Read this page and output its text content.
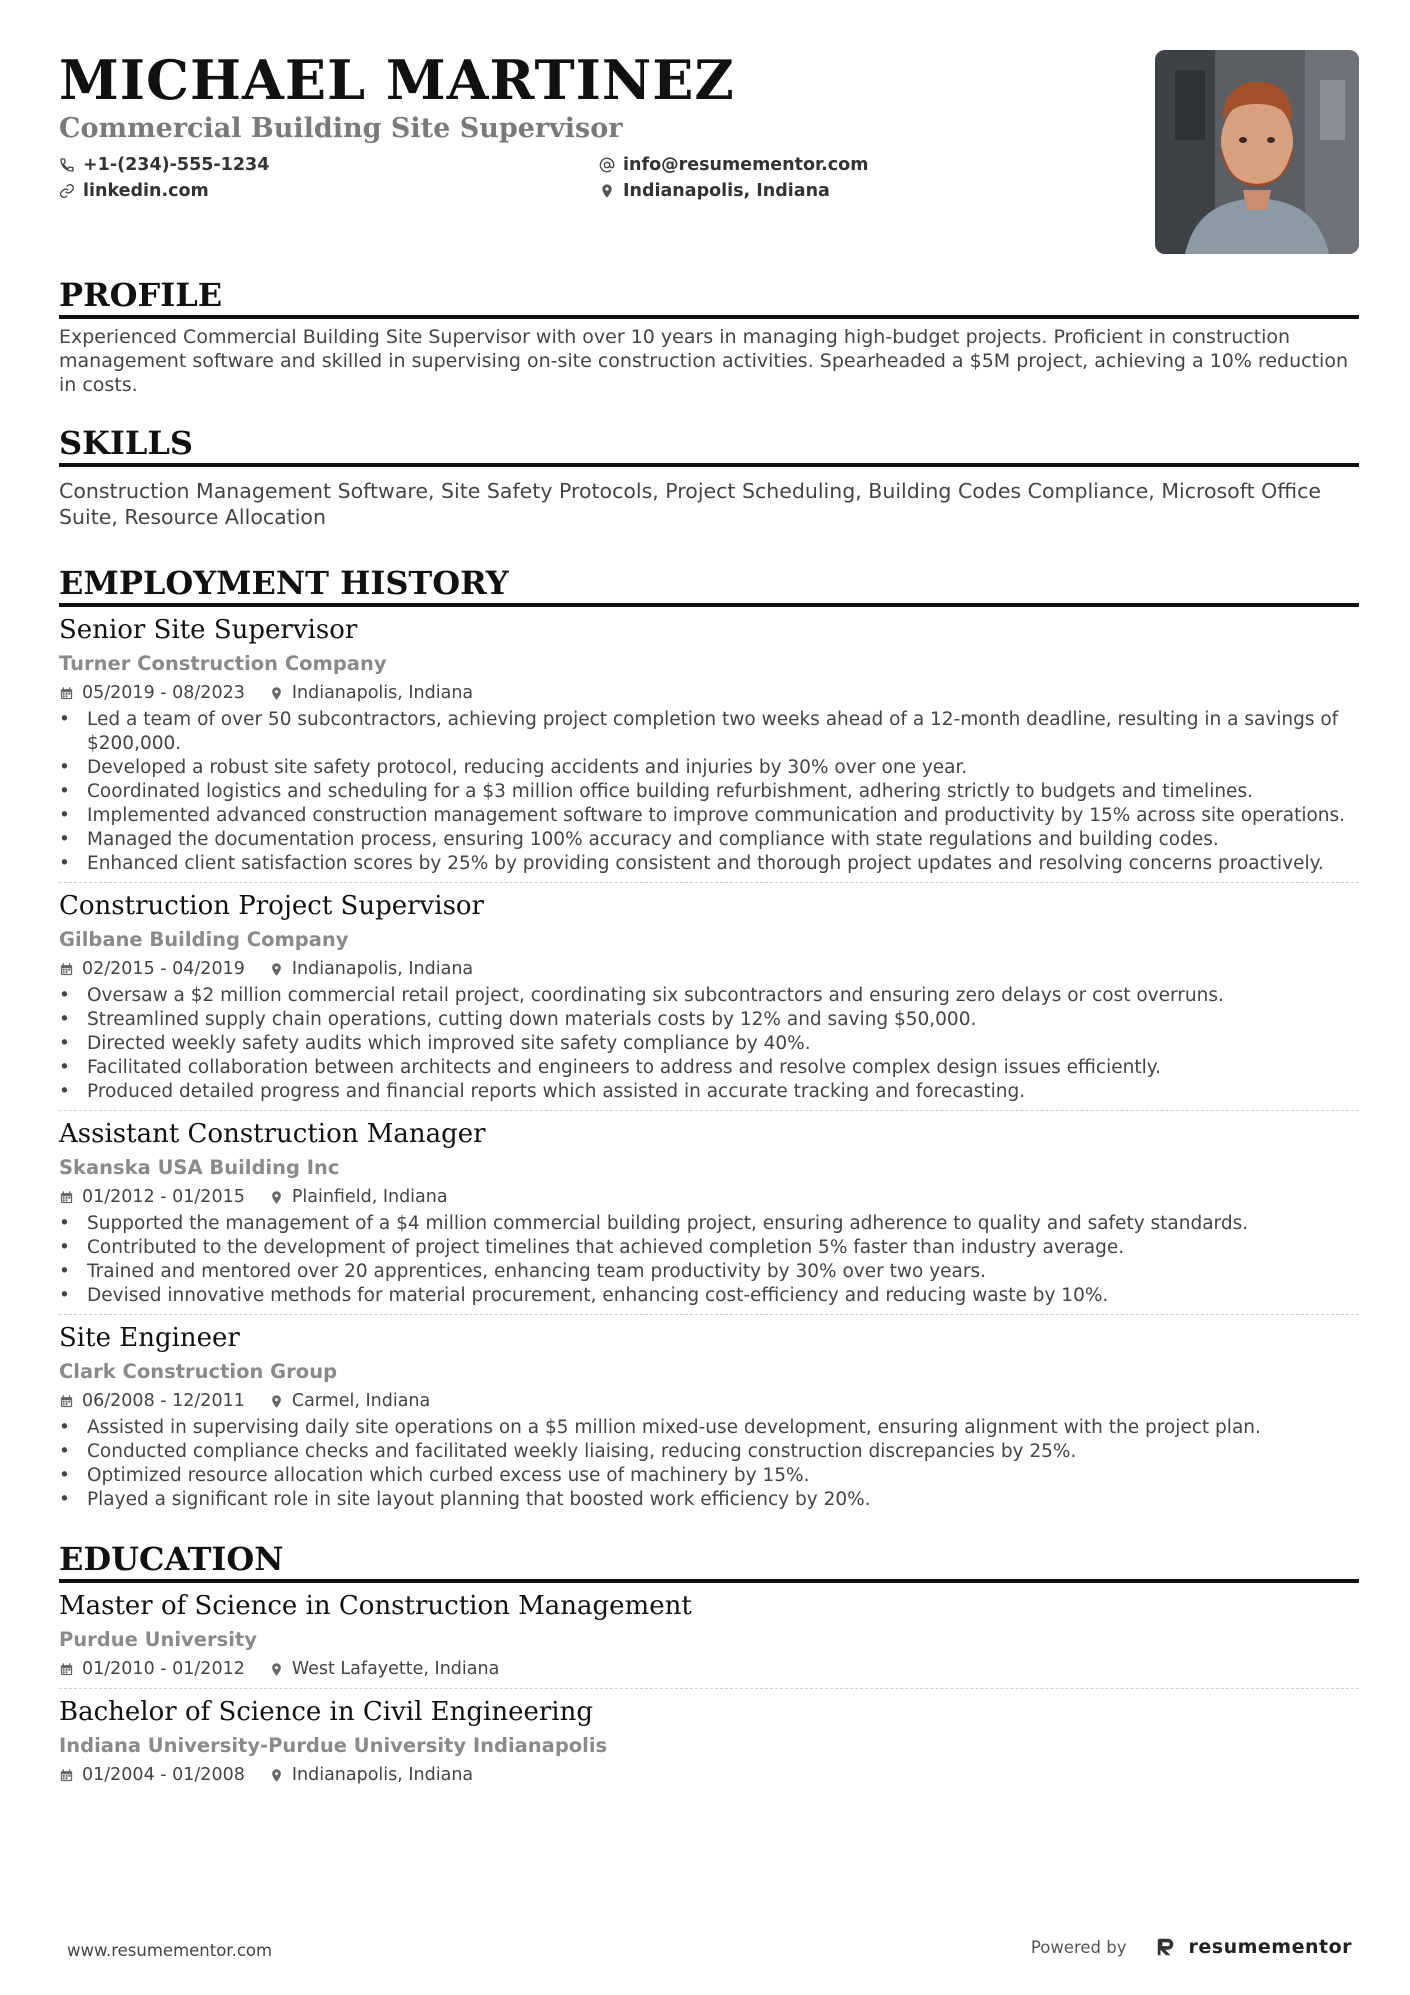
MICHAEL MARTINEZ
Commercial Building Site Supervisor
+1-(234)-555-1234	info@resumementor.com
linkedin.com	Indianapolis, Indiana
PROFILE
Experienced Commercial Building Site Supervisor with over 10 years in managing high-budget projects. Proficient in construction management software and skilled in supervising on-site construction activities. Spearheaded a $5M project, achieving a 10% reduction in costs.
SKILLS
Construction Management Software, Site Safety Protocols, Project Scheduling, Building Codes Compliance, Microsoft Office Suite, Resource Allocation
EMPLOYMENT HISTORY
Senior Site Supervisor
Turner Construction Company
05/2019 - 08/2023	Indianapolis, Indiana
• Led a team of over 50 subcontractors, achieving project completion two weeks ahead of a 12-month deadline, resulting in a savings of $200,000.
• Developed a robust site safety protocol, reducing accidents and injuries by 30% over one year.
• Coordinated logistics and scheduling for a $3 million office building refurbishment, adhering strictly to budgets and timelines.
• Implemented advanced construction management software to improve communication and productivity by 15% across site operations.
• Managed the documentation process, ensuring 100% accuracy and compliance with state regulations and building codes.
• Enhanced client satisfaction scores by 25% by providing consistent and thorough project updates and resolving concerns proactively.
Construction Project Supervisor
Gilbane Building Company
02/2015 - 04/2019	Indianapolis, Indiana
• Oversaw a $2 million commercial retail project, coordinating six subcontractors and ensuring zero delays or cost overruns.
• Streamlined supply chain operations, cutting down materials costs by 12% and saving $50,000.
• Directed weekly safety audits which improved site safety compliance by 40%.
• Facilitated collaboration between architects and engineers to address and resolve complex design issues efficiently.
• Produced detailed progress and financial reports which assisted in accurate tracking and forecasting.
Assistant Construction Manager
Skanska USA Building Inc
01/2012 - 01/2015	Plainfield, Indiana
• Supported the management of a $4 million commercial building project, ensuring adherence to quality and safety standards.
• Contributed to the development of project timelines that achieved completion 5% faster than industry average.
• Trained and mentored over 20 apprentices, enhancing team productivity by 30% over two years.
• Devised innovative methods for material procurement, enhancing cost-efficiency and reducing waste by 10%.
Site Engineer
Clark Construction Group
06/2008 - 12/2011	Carmel, Indiana
• Assisted in supervising daily site operations on a $5 million mixed-use development, ensuring alignment with the project plan.
• Conducted compliance checks and facilitated weekly liaising, reducing construction discrepancies by 25%.
• Optimized resource allocation which curbed excess use of machinery by 15%.
• Played a significant role in site layout planning that boosted work efficiency by 20%.
EDUCATION
Master of Science in Construction Management
Purdue University
01/2010 - 01/2012	West Lafayette, Indiana
Bachelor of Science in Civil Engineering
Indiana University-Purdue University Indianapolis
01/2004 - 01/2008	Indianapolis, Indiana
www.resumementor.com	Powered by	resumementor
